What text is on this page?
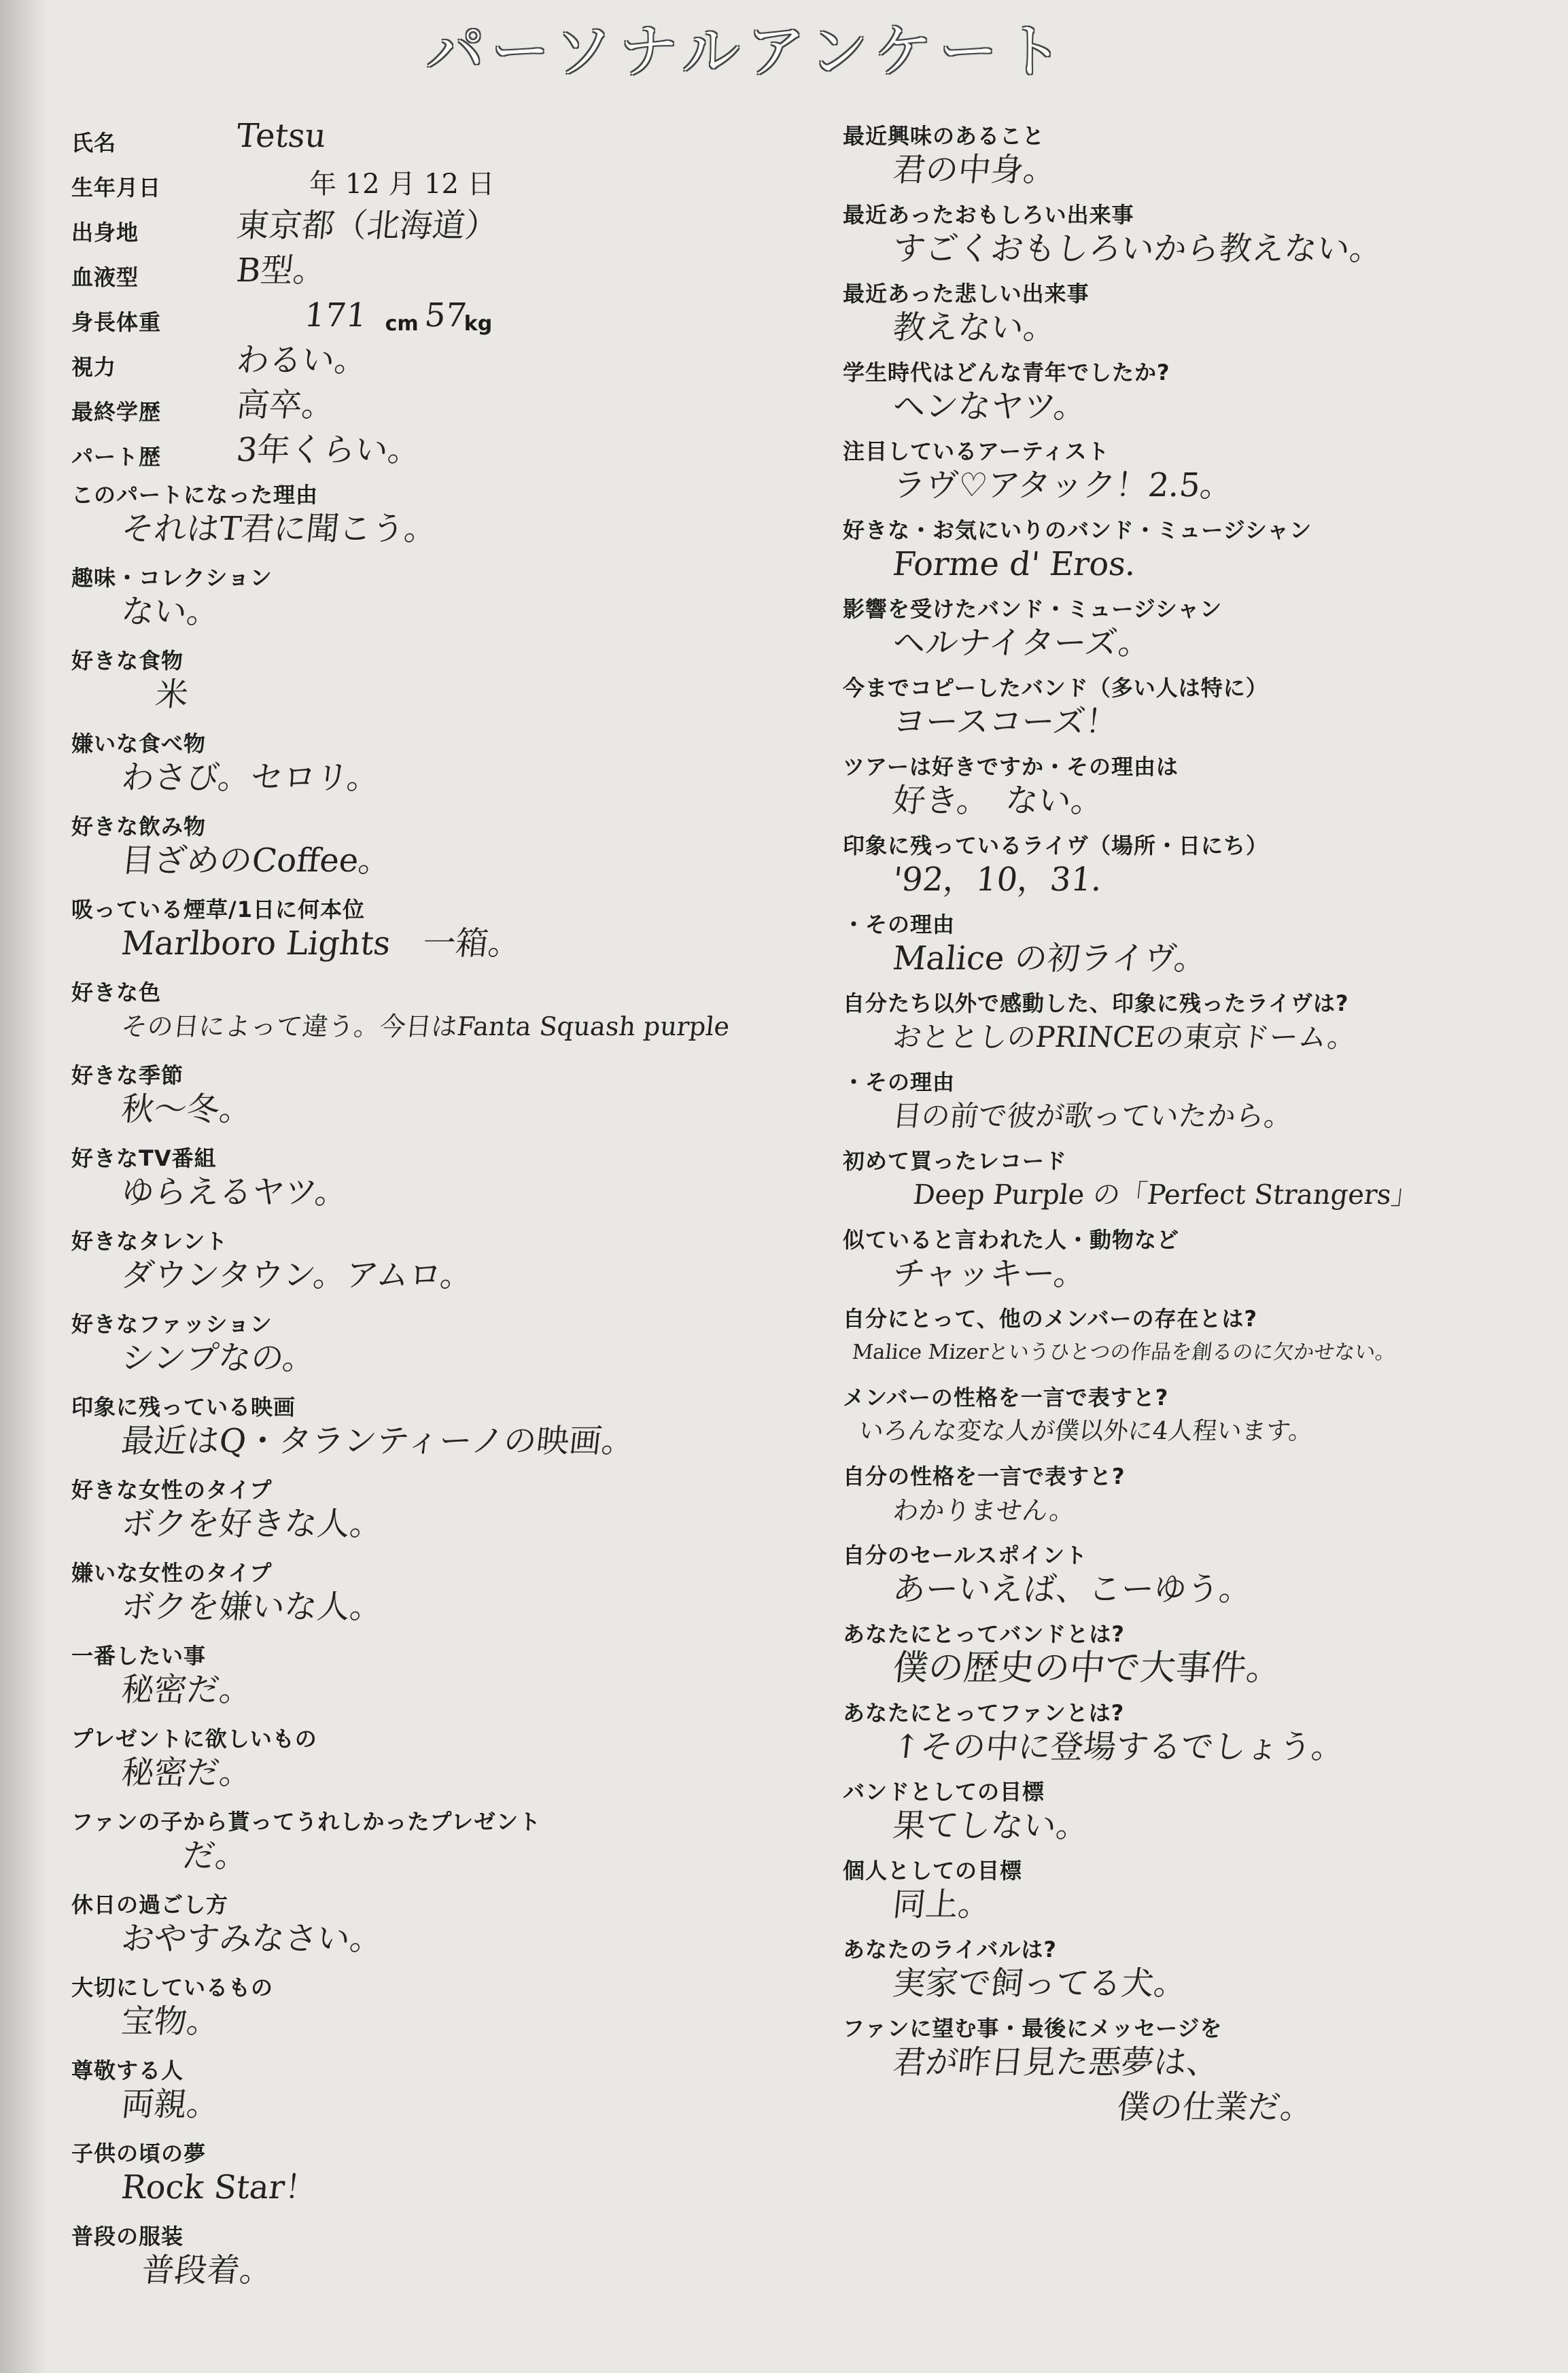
パーソナルアンケート
氏名	Tetsu
生年月日	年 12 月 12 日
出身地	東京都（北海道）
血液型	B型。
身長体重	171 cm 57
kg
視力	わるい。
最終学歴	高卒。
パート歴	3年くらい。
このパートになった理由
それはT君に聞こう。
趣味・コレクション
ない。
好きな食物
米
嫌いな食べ物
わさび。セロリ。
好きな飲み物
目ざめのCoffee。
吸っている煙草/1日に何本位
Marlboro Lights　一箱。
好きな色
その日によって違う。今日はFanta Squash purple
好きな季節
秋〜冬。
好きなTV番組
ゆらえるヤツ。
好きなタレント
ダウンタウン。アムロ。
好きなファッション
シンプなの。
印象に残っている映画
最近はQ・タランティーノの映画。
好きな女性のタイプ
ボクを好きな人。
嫌いな女性のタイプ
ボクを嫌いな人。
一番したい事
秘密だ。
プレゼントに欲しいもの
秘密だ。
ファンの子から貰ってうれしかったプレゼント
だ。
休日の過ごし方
おやすみなさい。
大切にしているもの
宝物。
尊敬する人
両親。
子供の頃の夢
Rock Star！
普段の服装
普段着。
最近興味のあること
君の中身。
最近あったおもしろい出来事
すごくおもしろいから教えない。
最近あった悲しい出来事
教えない。
学生時代はどんな青年でしたか?
ヘンなヤツ。
注目しているアーティスト
ラヴ♡アタック！2.5。
好きな・お気にいりのバンド・ミュージシャン
Forme d' Eros.
影響を受けたバンド・ミュージシャン
ヘルナイターズ。
今までコピーしたバンド（多い人は特に）
ヨースコーズ！
ツアーは好きですか・その理由は
好き。　ない。
印象に残っているライヴ（場所・日にち）
'92，10，31.
・その理由
Malice の初ライヴ。
自分たち以外で感動した、印象に残ったライヴは?
おととしのPRINCEの東京ドーム。
・その理由
目の前で彼が歌っていたから。
初めて買ったレコード
Deep Purple の「Perfect Strangers」
似ていると言われた人・動物など
チャッキー。
自分にとって、他のメンバーの存在とは?
Malice Mizerというひとつの作品を創るのに欠かせない。
メンバーの性格を一言で表すと?
いろんな変な人が僕以外に4人程います。
自分の性格を一言で表すと?
わかりません。
自分のセールスポイント
あーいえば、こーゆう。
あなたにとってバンドとは?
僕の歴史の中で大事件。
あなたにとってファンとは?
↑その中に登場するでしょう。
バンドとしての目標
果てしない。
個人としての目標
同上。
あなたのライバルは?
実家で飼ってる犬。
ファンに望む事・最後にメッセージを
君が昨日見た悪夢は、
僕の仕業だ。
